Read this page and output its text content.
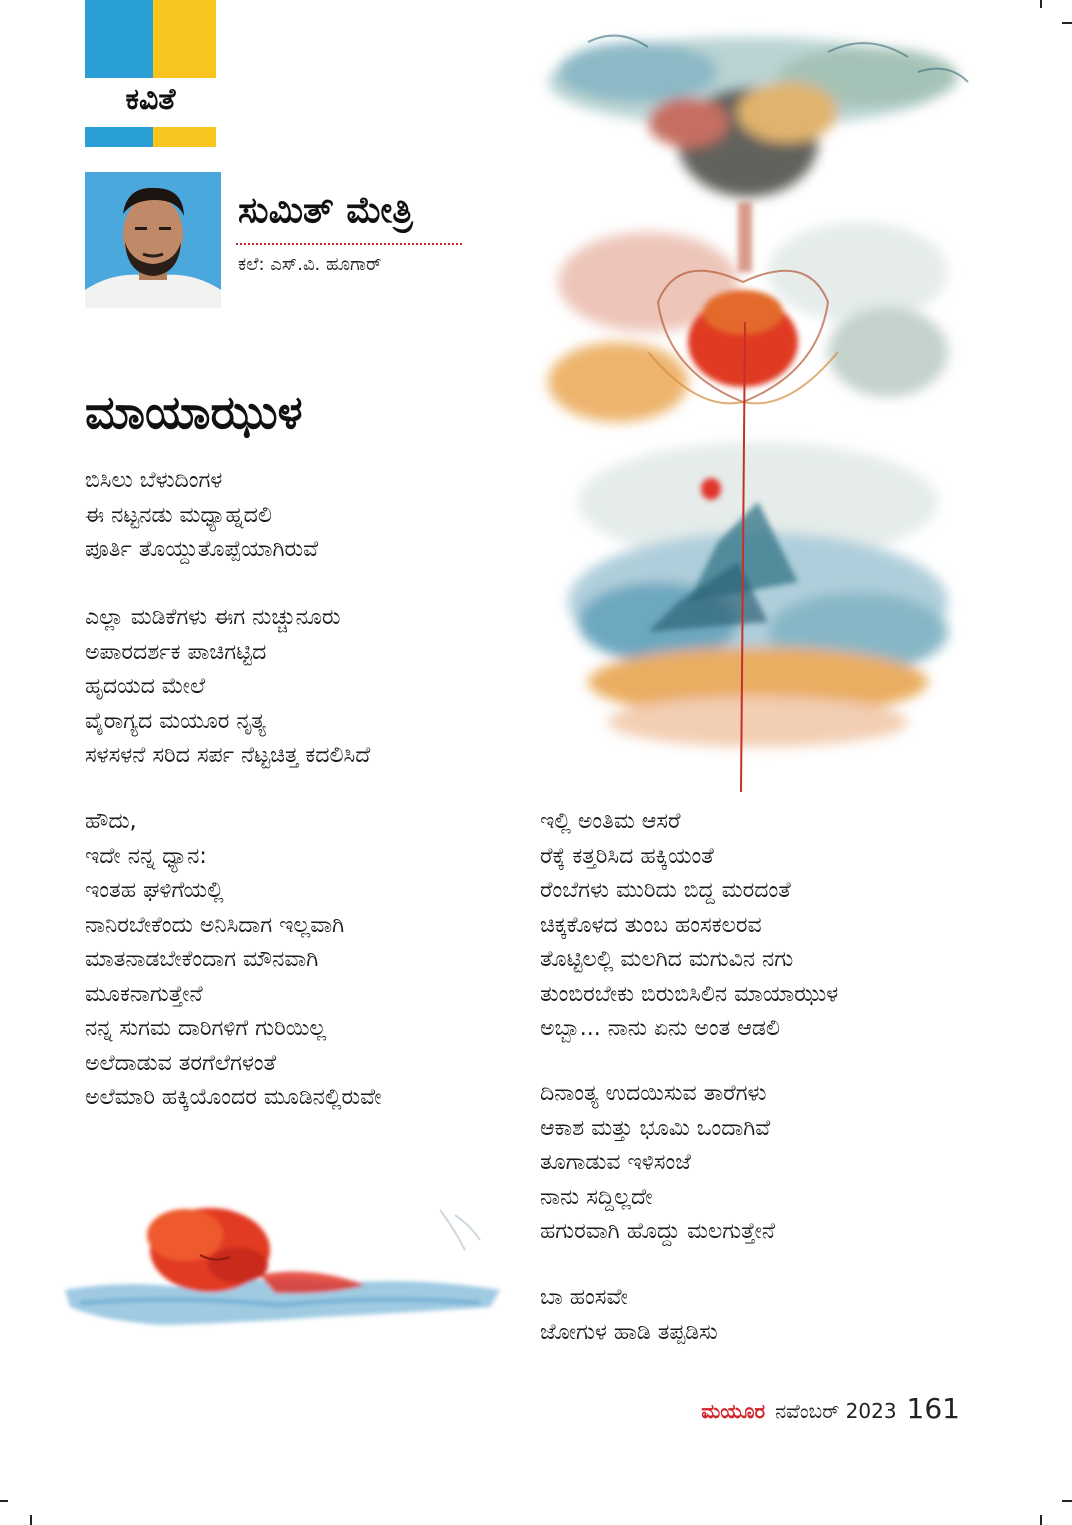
ಕವಿತೆ
ಸುಮಿತ್ ಮೇತ್ರಿ
ಕಲೆ: ಎಸ್.ವಿ. ಹೂಗಾರ್
ಮಾಯಾಝುಳ
ಬಿಸಿಲು ಬೆಳುದಿಂಗಳ
ಈ ನಟ್ಟನಡು ಮಧ್ಯಾಹ್ನದಲಿ
ಪೂರ್ತಿ ತೊಯ್ದುತೊಪ್ಪೆಯಾಗಿರುವೆ
ಎಲ್ಲಾ ಮಡಿಕೆಗಳು ಈಗ ನುಚ್ಚುನೂರು
ಅಪಾರದರ್ಶಕ ಪಾಚಿಗಟ್ಟಿದ
ಹೃದಯದ ಮೇಲೆ
ವೈರಾಗ್ಯದ ಮಯೂರ ನೃತ್ಯ
ಸಳಸಳನೆ ಸರಿದ ಸರ್ಪ ನೆಟ್ಟಚಿತ್ತ ಕದಲಿಸಿದೆ
ಹೌದು,
ಇದೇ ನನ್ನ ಧ್ಯಾನ:
ಇಂತಹ ಘಳಿಗೆಯಲ್ಲಿ
ನಾನಿರಬೇಕೆಂದು ಅನಿಸಿದಾಗ ಇಲ್ಲವಾಗಿ
ಮಾತನಾಡಬೇಕೆಂದಾಗ ಮೌನವಾಗಿ
ಮೂಕನಾಗುತ್ತೇನೆ
ನನ್ನ ಸುಗಮ ದಾರಿಗಳಿಗೆ ಗುರಿಯಿಲ್ಲ
ಅಲೆದಾಡುವ ತರಗೆಲೆಗಳಂತೆ
ಅಲೆಮಾರಿ ಹಕ್ಕಿಯೊಂದರ ಮೂಡಿನಲ್ಲಿರುವೇ
ಇಲ್ಲಿ ಅಂತಿಮ ಆಸರೆ
ರೆಕ್ಕೆ ಕತ್ತರಿಸಿದ ಹಕ್ಕಿಯಂತೆ
ರೆಂಬೆಗಳು ಮುರಿದು ಬಿದ್ದ ಮರದಂತೆ
ಚಿಕ್ಕಕೊಳದ ತುಂಬ ಹಂಸಕಲರವ
ತೊಟ್ಟಿಲಲ್ಲಿ ಮಲಗಿದ ಮಗುವಿನ ನಗು
ತುಂಬಿರಬೇಕು ಬಿರುಬಿಸಿಲಿನ ಮಾಯಾಝುಳ
ಅಬ್ಬಾ... ನಾನು ಏನು ಅಂತ ಆಡಲಿ
ದಿನಾಂತ್ಯ ಉದಯಿಸುವ ತಾರೆಗಳು
ಆಕಾಶ ಮತ್ತು ಭೂಮಿ ಒಂದಾಗಿವೆ
ತೂಗಾಡುವ ಇಳಿಸಂಜೆ
ನಾನು ಸದ್ದಿಲ್ಲದೇ
ಹಗುರವಾಗಿ ಹೊದ್ದು ಮಲಗುತ್ತೇನೆ
ಬಾ ಹಂಸವೇ
ಜೋಗುಳ ಹಾಡಿ ತಪ್ಪಡಿಸು
ಮಯೂರ ನವೆಂಬರ್ 2023 161
